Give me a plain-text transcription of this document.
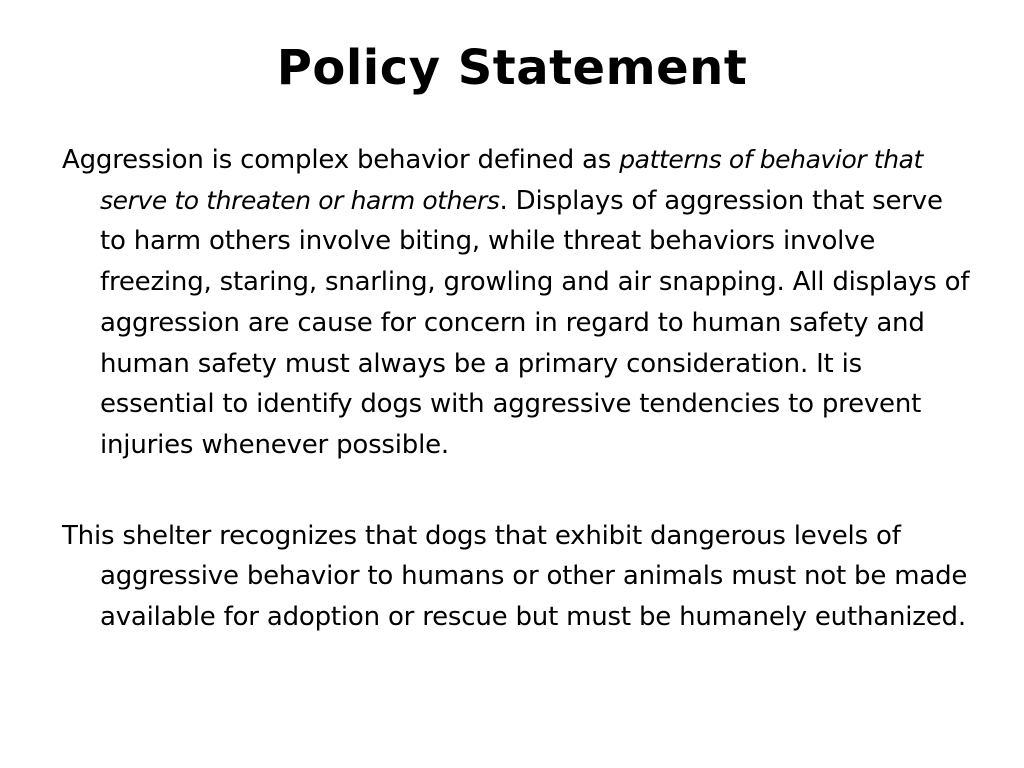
Policy Statement

Aggression is complex behavior defined as patterns of behavior that serve to threaten or harm others. Displays of aggression that serve to harm others involve biting, while threat behaviors involve freezing, staring, snarling, growling and air snapping. All displays of aggression are cause for concern in regard to human safety and human safety must always be a primary consideration. It is essential to identify dogs with aggressive tendencies to prevent injuries whenever possible.

This shelter recognizes that dogs that exhibit dangerous levels of aggressive behavior to humans or other animals must not be made available for adoption or rescue but must be humanely euthanized.
